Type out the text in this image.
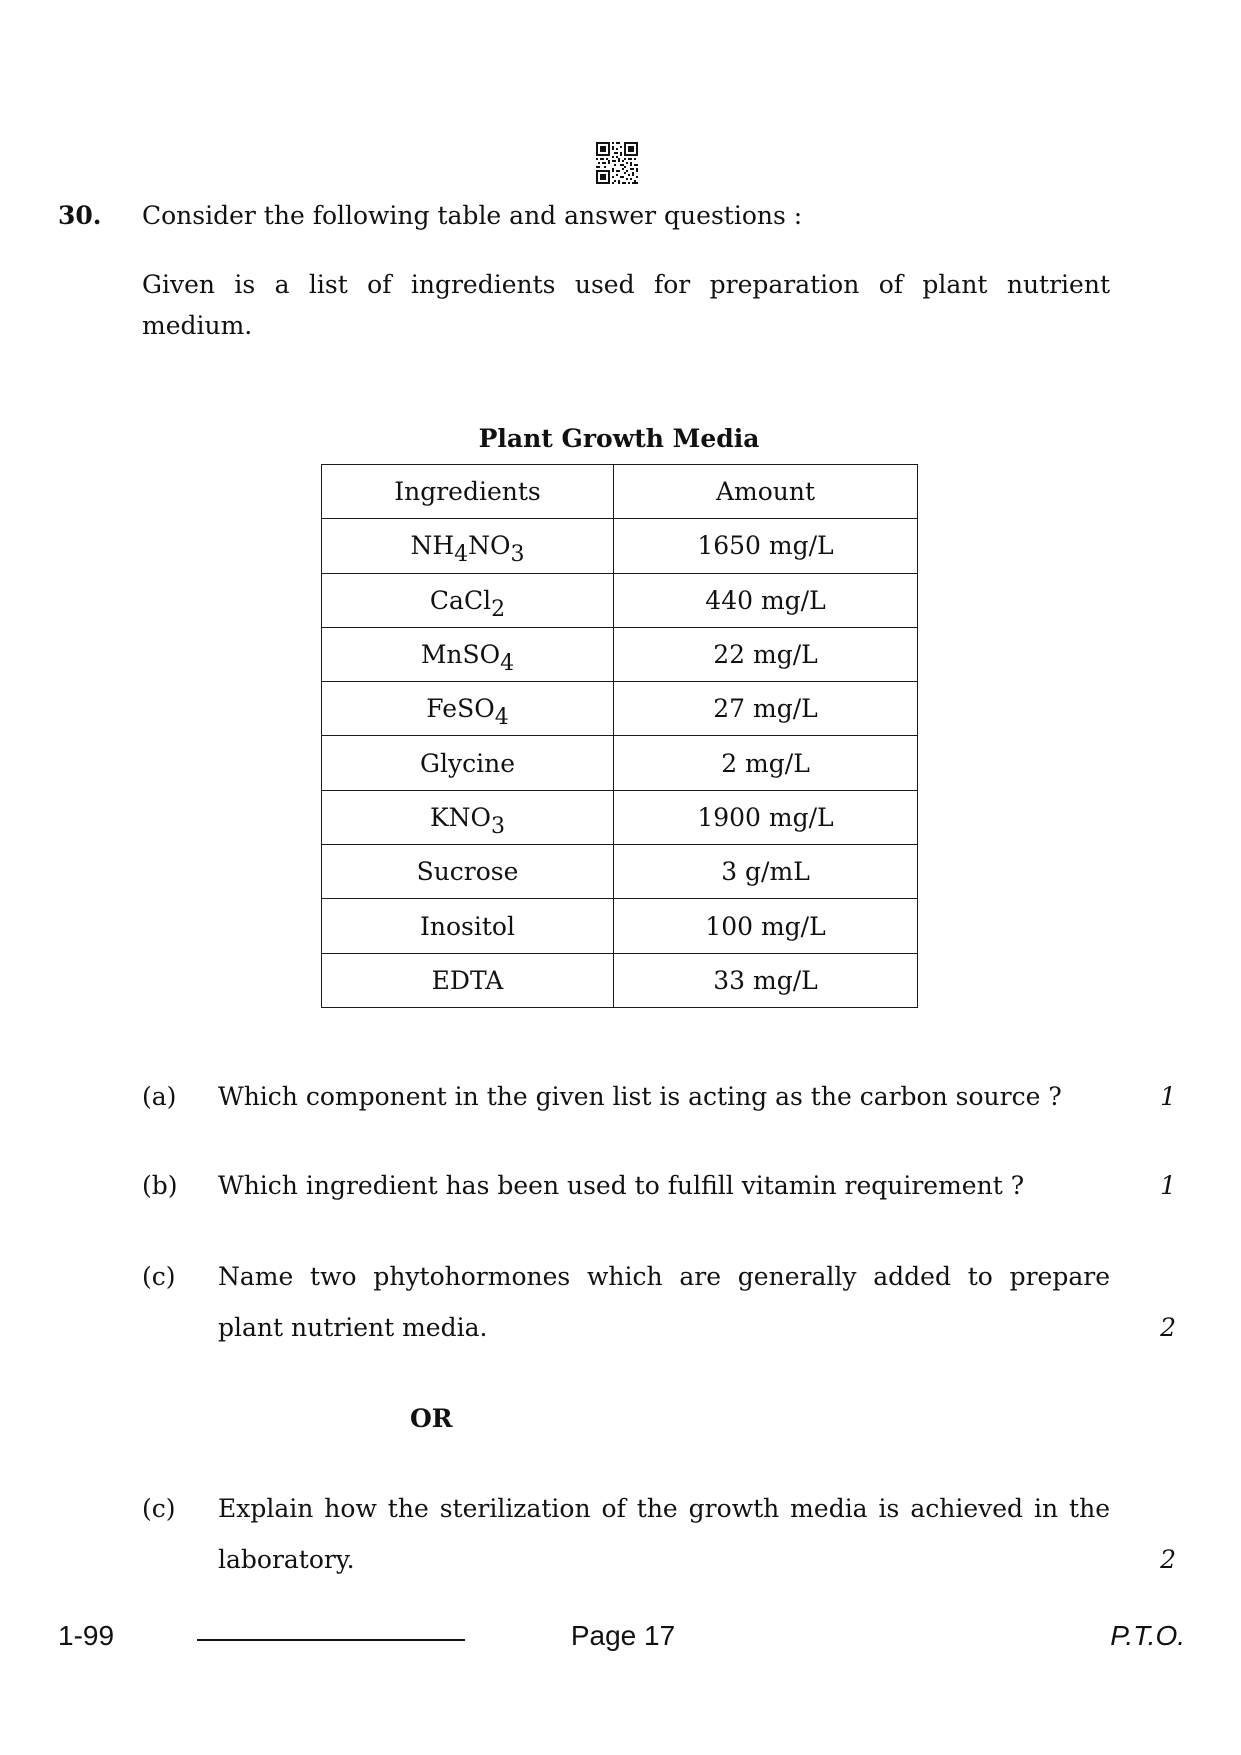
30. Consider the following table and answer questions :
Given is a list of ingredients used for preparation of plant nutrient
medium.
Plant Growth Media
Ingredients	Amount
$NH_4NO_3$	1650 mg/L
CaCl$_2$	440 mg/L
MnSO$_4$	22 mg/L
FeSO$_4$	27 mg/L
Glycine	2 mg/L
$KNO_3$	1900 mg/L
Sucrose	3 g/mL
Inositol	100 mg/L
EDTA	33 mg/L
(a)	Which component in the given list is acting as the carbon source ?	1
(b)	Which ingredient has been used to fulfill vitamin requirement ?	1
(c)	Name two phytohormones which are generally added to prepare
plant nutrient media.	2
OR
(c)	Explain how the sterilization of the growth media is achieved in the
laboratory.	2
1-99	Page 17	P.T.O.
